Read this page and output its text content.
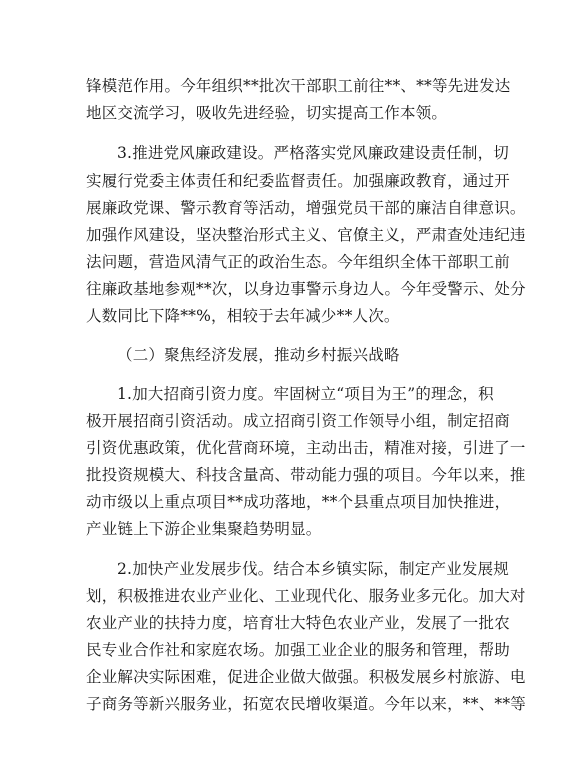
锋模范作用。今年组织**批次干部职工前往**、**等先进发达
地区交流学习，吸收先进经验，切实提高工作本领。
3.推进党风廉政建设。严格落实党风廉政建设责任制，切
实履行党委主体责任和纪委监督责任。加强廉政教育，通过开
展廉政党课、警示教育等活动，增强党员干部的廉洁自律意识。
加强作风建设，坚决整治形式主义、官僚主义，严肃查处违纪违
法问题，营造风清气正的政治生态。今年组织全体干部职工前
往廉政基地参观**次，以身边事警示身边人。今年受警示、处分
人数同比下降**%，相较于去年减少**人次。
（二）聚焦经济发展，推动乡村振兴战略
1.加大招商引资力度。牢固树立“项目为王”的理念，积
极开展招商引资活动。成立招商引资工作领导小组，制定招商
引资优惠政策，优化营商环境，主动出击，精准对接，引进了一
批投资规模大、科技含量高、带动能力强的项目。今年以来，推
动市级以上重点项目**成功落地，**个县重点项目加快推进，
产业链上下游企业集聚趋势明显。
2.加快产业发展步伐。结合本乡镇实际，制定产业发展规
划，积极推进农业产业化、工业现代化、服务业多元化。加大对
农业产业的扶持力度，培育壮大特色农业产业，发展了一批农
民专业合作社和家庭农场。加强工业企业的服务和管理，帮助
企业解决实际困难，促进企业做大做强。积极发展乡村旅游、电
子商务等新兴服务业，拓宽农民增收渠道。今年以来，**、**等
